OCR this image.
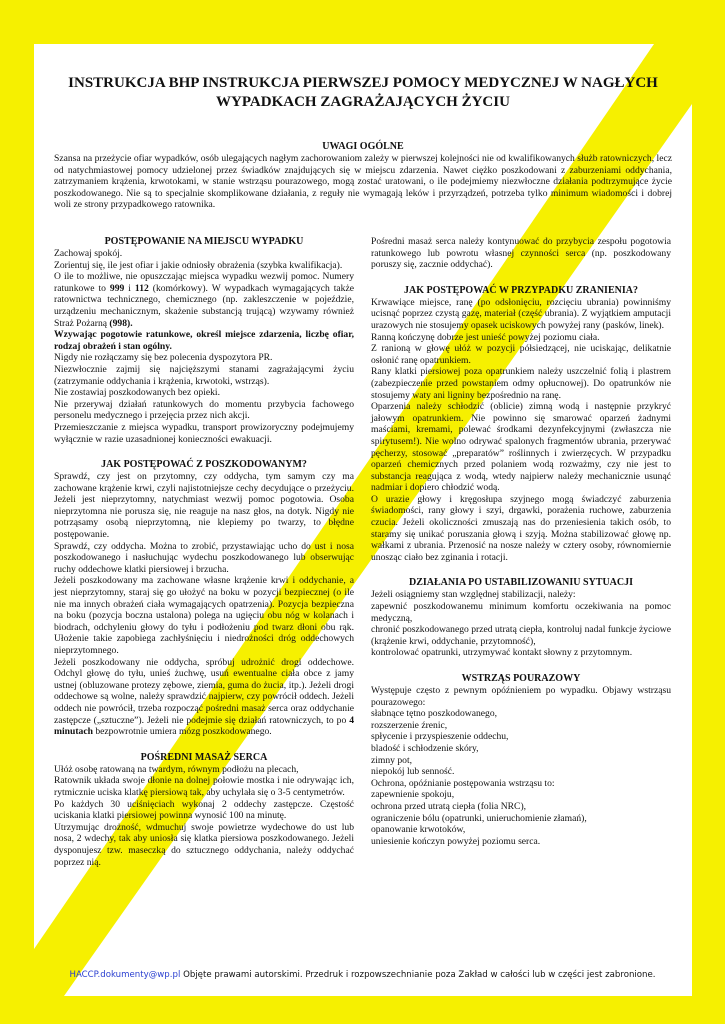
INSTRUKCJA BHP INSTRUKCJA PIERWSZEJ POMOCY MEDYCZNEJ W NAGŁYCH WYPADKACH ZAGRAŻAJĄCYCH ŻYCIU
UWAGI OGÓLNE

Szansa na przeżycie ofiar wypadków, osób ulegających nagłym zachorowaniom zależy w pierwszej kolejności nie od kwalifikowanych służb ratowniczych, lecz od natychmiastowej pomocy udzielonej przez świadków znajdujących się w miejscu zdarzenia. Nawet ciężko poszkodowani z zaburzeniami oddychania, zatrzymaniem krążenia, krwotokami, w stanie wstrząsu pourazowego, mogą zostać uratowani, o ile podejmiemy niezwłoczne działania podtrzymujące życie poszkodowanego. Nie są to specjalnie skomplikowane działania, z reguły nie wymagają leków i przyrządzeń, potrzeba tylko minimum wiadomości i dobrej woli ze strony przypadkowego ratownika.

POSTĘPOWANIE NA MIEJSCU WYPADKU

Zachowaj spokój.

Zorientuj się, ile jest ofiar i jakie odniosły obrażenia (szybka kwalifikacja).

O ile to możliwe, nie opuszczając miejsca wypadku wezwij pomoc. Numery ratunkowe to 999 i 112 (komórkowy). W wypadkach wymagających także ratownictwa technicznego, chemicznego (np. zakleszczenie w pojeździe, urządzeniu mechanicznym, skażenie substancją trującą) wzywamy również Straż Pożarną (998).

Wzywając pogotowie ratunkowe, określ miejsce zdarzenia, liczbę ofiar, rodzaj obrażeń i stan ogólny.

Nigdy nie rozłączamy się bez polecenia dyspozytora PR.

Niezwłocznie zajmij się najcięższymi stanami zagrażającymi życiu (zatrzymanie oddychania i krążenia, krwotoki, wstrząs).

Nie zostawiaj poszkodowanych bez opieki.

Nie przerywaj działań ratunkowych do momentu przybycia fachowego personelu medycznego i przejęcia przez nich akcji.

Przemieszczanie z miejsca wypadku, transport prowizoryczny podejmujemy wyłącznie w razie uzasadnionej konieczności ewakuacji.

JAK POSTĘPOWAĆ Z POSZKODOWANYM?

Sprawdź, czy jest on przytomny, czy oddycha, tym samym czy ma zachowane krążenie krwi, czyli najistotniejsze cechy decydujące o przeżyciu. Jeżeli jest nieprzytomny, natychmiast wezwij pomoc pogotowia. Osoba nieprzytomna nie porusza się, nie reaguje na nasz głos, na dotyk. Nigdy nie potrząsamy osobą nieprzytomną, nie klepiemy po twarzy, to błędne postępowanie.

Sprawdź, czy oddycha. Można to zrobić, przystawiając ucho do ust i nosa poszkodowanego i nasłuchując wydechu poszkodowanego lub obserwując ruchy oddechowe klatki piersiowej i brzucha.

Jeżeli poszkodowany ma zachowane własne krążenie krwi i oddychanie, a jest nieprzytomny, staraj się go ułożyć na boku w pozycji bezpiecznej (o ile nie ma innych obrażeń ciała wymagających opatrzenia). Pozycja bezpieczna na boku (pozycja boczna ustalona) polega na ugięciu obu nóg w kolanach i biodrach, odchyleniu głowy do tyłu i podłożeniu pod twarz dłoni obu rąk. Ułożenie takie zapobiega zachłyśnięciu i niedrożności dróg oddechowych nieprzytomnego.

Jeżeli poszkodowany nie oddycha, spróbuj udrożnić drogi oddechowe. Odchyl głowę do tyłu, unieś żuchwę, usuń ewentualne ciała obce z jamy ustnej (obluzowane protezy zębowe, ziemia, guma do żucia, itp.). Jeżeli drogi oddechowe są wolne, należy sprawdzić najpierw, czy powrócił oddech. Jeżeli oddech nie powrócił, trzeba rozpocząć pośredni masaż serca oraz oddychanie zastępcze („sztuczne”). Jeżeli nie podejmie się działań ratowniczych, to po 4 minutach bezpowrotnie umiera mózg poszkodowanego.

POŚREDNI MASAŻ SERCA

Ułóż osobę ratowaną na twardym, równym podłożu na plecach,

Ratownik układa swoje dłonie na dolnej połowie mostka i nie odrywając ich, rytmicznie uciska klatkę piersiową tak, aby uchylała się o 3-5 centymetrów.

Po każdych 30 uciśnięciach wykonaj 2 oddechy zastępcze. Częstość uciskania klatki piersiowej powinna wynosić 100 na minutę.

Utrzymując drożność, wdmuchuj swoje powietrze wydechowe do ust lub nosa, 2 wdechy, tak aby uniosła się klatka piersiowa poszkodowanego. Jeżeli dysponujesz tzw. maseczką do sztucznego oddychania, należy oddychać poprzez nią.

Pośredni masaż serca należy kontynuować do przybycia zespołu pogotowia ratunkowego lub powrotu własnej czynności serca (np. poszkodowany poruszy się, zacznie oddychać).

JAK POSTĘPOWAĆ W PRZYPADKU ZRANIENIA?

Krwawiące miejsce, ranę (po odsłonięciu, rozcięciu ubrania) powinniśmy ucisnąć poprzez czystą gazę, materiał (część ubrania). Z wyjątkiem amputacji urazowych nie stosujemy opasek uciskowych powyżej rany (pasków, linek).

Ranną kończynę dobrze jest unieść powyżej poziomu ciała.

Z ranioną w głowę ułóż w pozycji półsiedzącej, nie uciskając, delikatnie osłonić ranę opatrunkiem.

Rany klatki piersiowej poza opatrunkiem należy uszczelnić folią i plastrem (zabezpieczenie przed powstaniem odmy opłucnowej). Do opatrunków nie stosujemy waty ani ligniny bezpośrednio na ranę.

Oparzenia należy schłodzić (oblicie) zimną wodą i następnie przykryć jałowym opatrunkiem. Nie powinno się smarować oparzeń żadnymi maściami, kremami, polewać środkami dezynfekcyjnymi (zwłaszcza nie spirytusem!). Nie wolno odrywać spalonych fragmentów ubrania, przerywać pęcherzy, stosować „preparatów” roślinnych i zwierzęcych. W przypadku oparzeń chemicznych przed polaniem wodą rozważmy, czy nie jest to substancja reagująca z wodą, wtedy najpierw należy mechanicznie usunąć nadmiar i dopiero chłodzić wodą.

O urazie głowy i kręgosłupa szyjnego mogą świadczyć zaburzenia świadomości, rany głowy i szyi, drgawki, porażenia ruchowe, zaburzenia czucia. Jeżeli okoliczności zmuszają nas do przeniesienia takich osób, to staramy się unikać poruszania głową i szyją. Można stabilizować głowę np. wałkami z ubrania. Przenosić na nosze należy w cztery osoby, równomiernie unosząc ciało bez zginania i rotacji.

DZIAŁANIA PO USTABILIZOWANIU SYTUACJI

Jeżeli osiągniemy stan względnej stabilizacji, należy:

zapewnić poszkodowanemu minimum komfortu oczekiwania na pomoc medyczną,

chronić poszkodowanego przed utratą ciepła, kontroluj nadal funkcje życiowe (krążenie krwi, oddychanie, przytomność),

kontrolować opatrunki, utrzymywać kontakt słowny z przytomnym.

WSTRZĄS POURAZOWY

Występuje często z pewnym opóźnieniem po wypadku. Objawy wstrząsu pourazowego:

słabnące tętno poszkodowanego,

rozszerzenie źrenic,

spłycenie i przyspieszenie oddechu,

bladość i schłodzenie skóry,

zimny pot,

niepokój lub senność.

Ochrona, opóźnianie postępowania wstrząsu to:

zapewnienie spokoju,

ochrona przed utratą ciepła (folia NRC),

ograniczenie bólu (opatrunki, unieruchomienie złamań),

opanowanie krwotoków,

uniesienie kończyn powyżej poziomu serca.

HACCP.dokumenty@wp.pl Objęte prawami autorskimi. Przedruk i rozpowszechnianie poza Zakład w całości lub w części jest zabronione.
